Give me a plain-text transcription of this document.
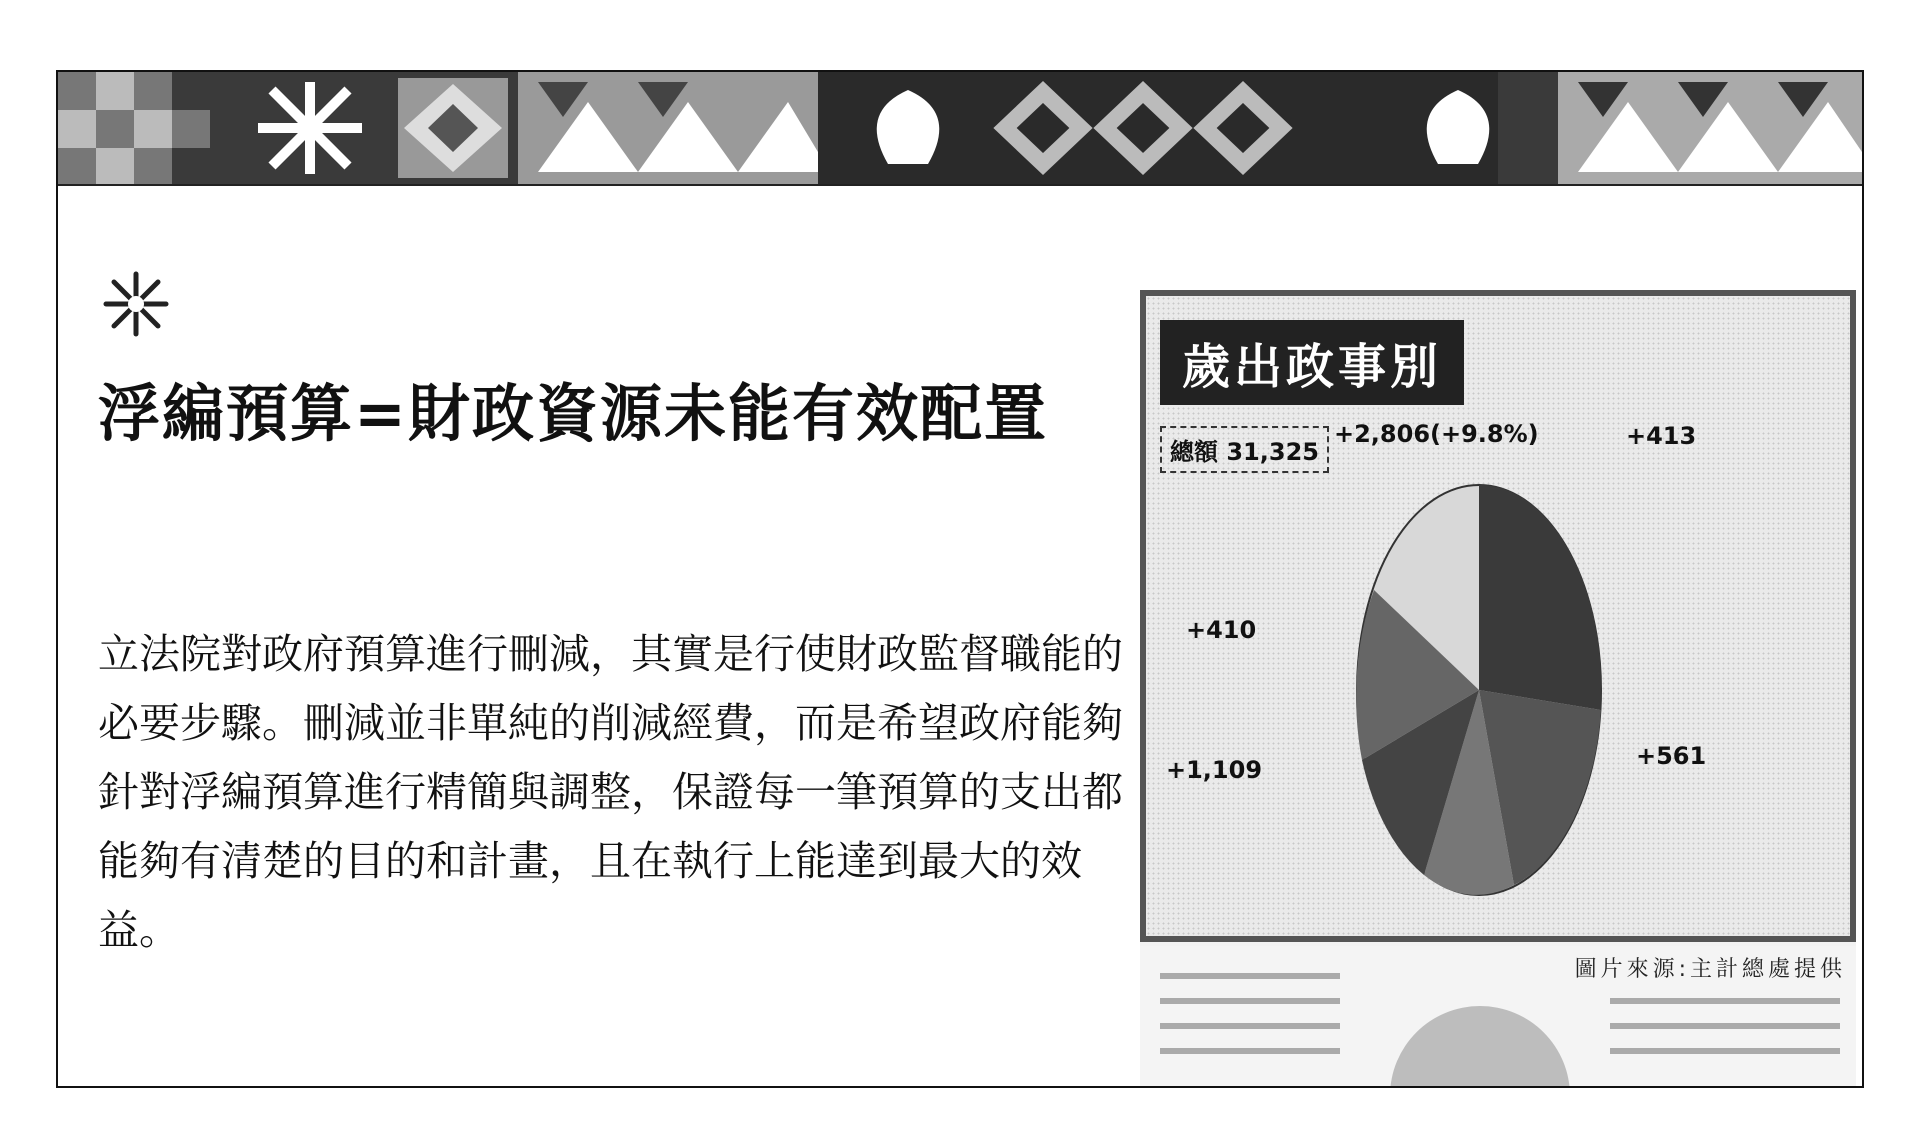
浮編預算=財政資源未能有效配置
立法院對政府預算進行刪減，其實是行使財政監督職能的必要步驟。刪減並非單純的削減經費，而是希望政府能夠針對浮編預算進行精簡與調整，保證每一筆預算的支出都能夠有清楚的目的和計畫，且在執行上能達到最大的效益。
歲出政事別
總額 31,325
+2,806(+9.8%)	+413
+410
+1,109	+561
圖片來源:主計總處提供
